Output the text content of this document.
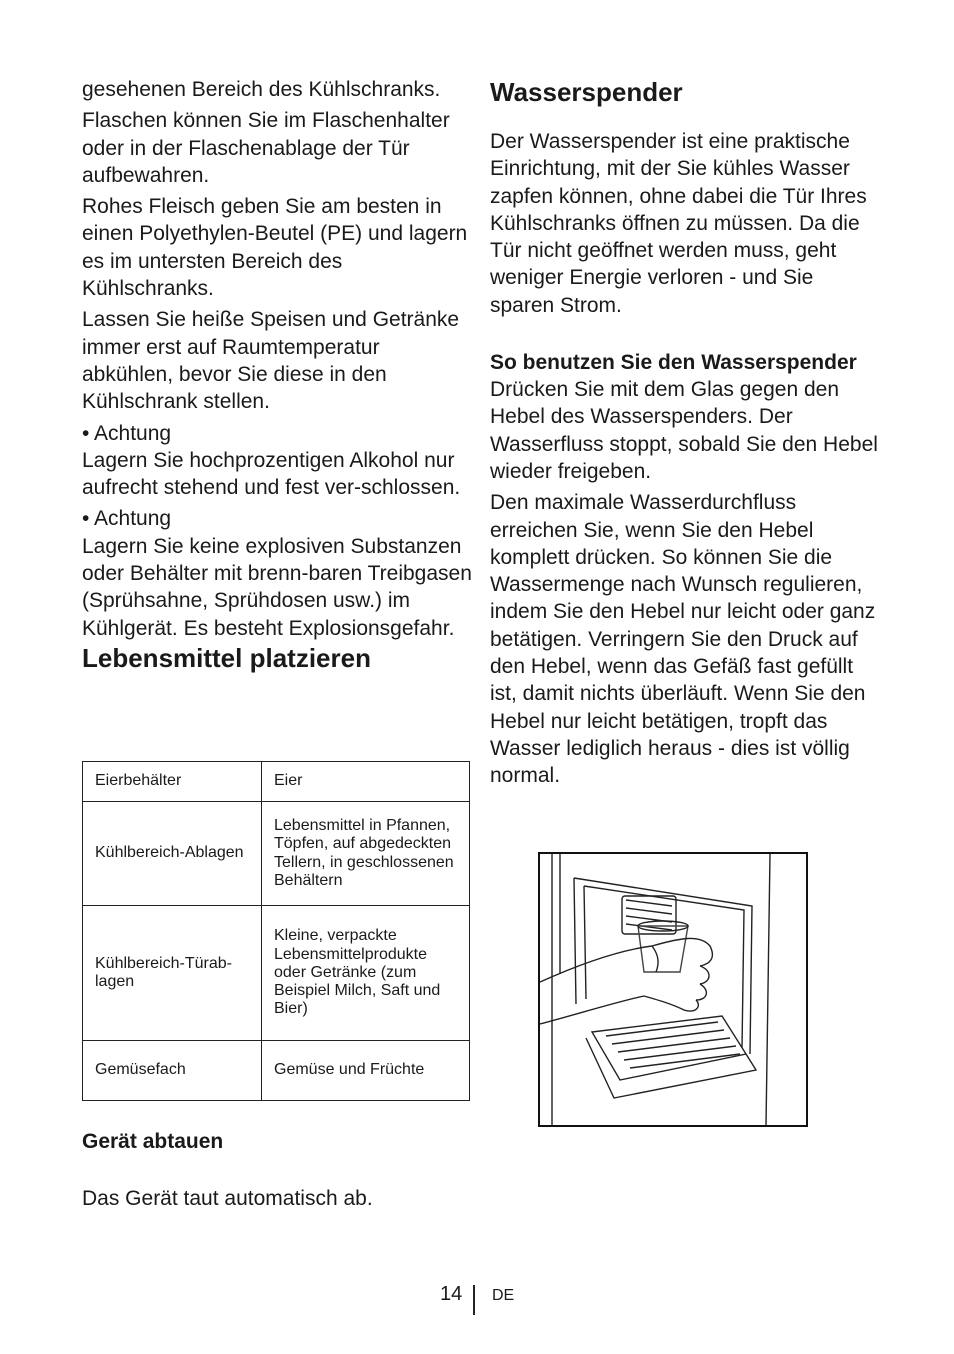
gesehenen Bereich des Kühlschranks.

Flaschen können Sie im Flaschenhalter oder in der Flaschenablage der Tür aufbewahren.

Rohes Fleisch geben Sie am besten in einen Polyethylen-Beutel (PE) und lagern es im untersten Bereich des Kühlschranks.

Lassen Sie heiße Speisen und Getränke immer erst auf Raumtemperatur abkühlen, bevor Sie diese in den Kühlschrank stellen.

• Achtung

Lagern Sie hochprozentigen Alkohol nur aufrecht stehend und fest ver-schlossen.

• Achtung

Lagern Sie keine explosiven Substanzen oder Behälter mit brenn-baren Treibgasen (Sprühsahne, Sprühdosen usw.) im Kühlgerät. Es besteht Explosionsgefahr.

Lebensmittel platzieren
Eierbehälter	Eier
Kühlbereich-Ablagen	Lebensmittel in Pfannen, Töpfen, auf abgedeckten Tellern, in geschlossenen Behältern
Kühlbereich-Türab-lagen	Kleine, verpackte Lebensmittelprodukte oder Getränke (zum Beispiel Milch, Saft und Bier)
Gemüsefach	Gemüse und Früchte
Gerät abtauen

Das Gerät taut automatisch ab.

Wasserspender

Der Wasserspender ist eine praktische Einrichtung, mit der Sie kühles Wasser zapfen können, ohne dabei die Tür Ihres Kühlschranks öffnen zu müssen. Da die Tür nicht geöffnet werden muss, geht weniger Energie verloren - und Sie sparen Strom.

So benutzen Sie den Wasserspender

Drücken Sie mit dem Glas gegen den Hebel des Wasserspenders. Der Wasserfluss stoppt, sobald Sie den Hebel wieder freigeben.

Den maximale Wasserdurchfluss erreichen Sie, wenn Sie den Hebel komplett drücken. So können Sie die Wassermenge nach Wunsch regulieren, indem Sie den Hebel nur leicht oder ganz betätigen. Verringern Sie den Druck auf den Hebel, wenn das Gefäß fast gefüllt ist, damit nichts überläuft. Wenn Sie den Hebel nur leicht betätigen, tropft das Wasser lediglich heraus - dies ist völlig normal.

14 DE
